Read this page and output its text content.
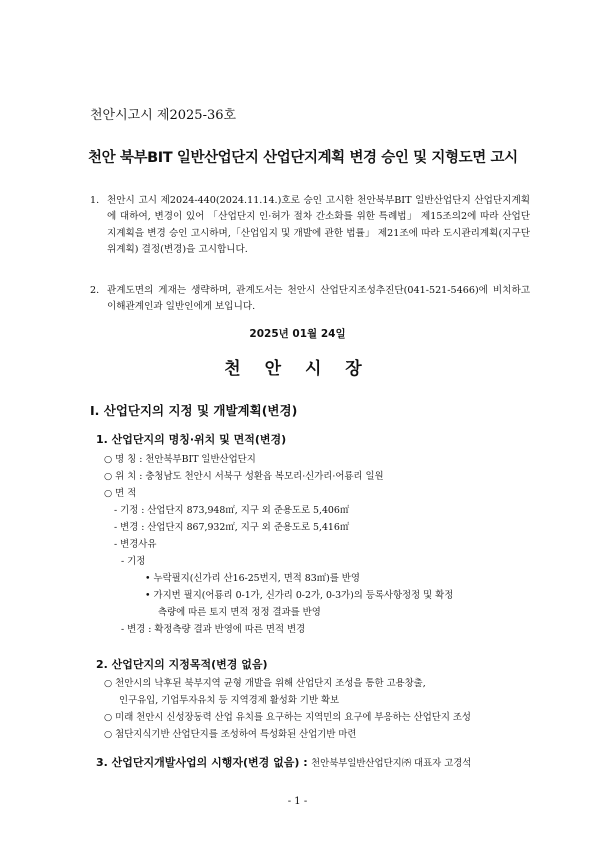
천안시고시 제2025-36호
천안 북부BIT 일반산업단지 산업단지계획 변경 승인 및 지형도면 고시
1. 천안시 고시 제2024-440(2024.11.14.)호로 승인 고시한 천안북부BIT 일반산업단지 산업단지계획에 대하여, 변경이 있어 「산업단지 인·허가 절차 간소화를 위한 특례법」 제15조의2에 따라 산업단지계획을 변경 승인 고시하며,「산업입지 및 개발에 관한 법률」 제21조에 따라 도시관리계획(지구단위계획) 결정(변경)을 고시합니다.
2. 관계도면의 게재는 생략하며, 관계도서는 천안시 산업단지조성추진단(041-521-5466)에 비치하고 이해관계인과 일반인에게 보입니다.
2025년 01월 24일
천 안 시 장
Ⅰ. 산업단지의 지정 및 개발계획(변경)
1. 산업단지의 명칭·위치 및 면적(변경)
○ 명 칭 : 천안북부BIT 일반산업단지
○ 위 치 : 충청남도 천안시 서북구 성환읍 복모리·신가리·어룡리 일원
○ 면 적
- 기정 : 산업단지 873,948㎡, 지구 외 준용도로 5,406㎡
- 변경 : 산업단지 867,932㎡, 지구 외 준용도로 5,416㎡
- 변경사유
- 기정
• 누락필지(신가리 산16-25번지, 면적 83㎡)를 반영
• 가지번 필지(어룡리 0-1가, 신가리 0-2가, 0-3가)의 등록사항정정 및 확정
측량에 따른 토지 면적 정정 결과를 반영
- 변경 : 확정측량 결과 반영에 따른 면적 변경
2. 산업단지의 지정목적(변경 없음)
○ 천안시의 낙후된 북부지역 균형 개발을 위해 산업단지 조성을 통한 고용창출,
인구유입, 기업투자유치 등 지역경제 활성화 기반 확보
○ 미래 천안시 신성장동력 산업 유치를 요구하는 지역민의 요구에 부응하는 산업단지 조성
○ 첨단지식기반 산업단지를 조성하여 특성화된 산업기반 마련
3. 산업단지개발사업의 시행자(변경 없음) : 천안북부일반산업단지㈜ 대표자 고경석
- 1 -
